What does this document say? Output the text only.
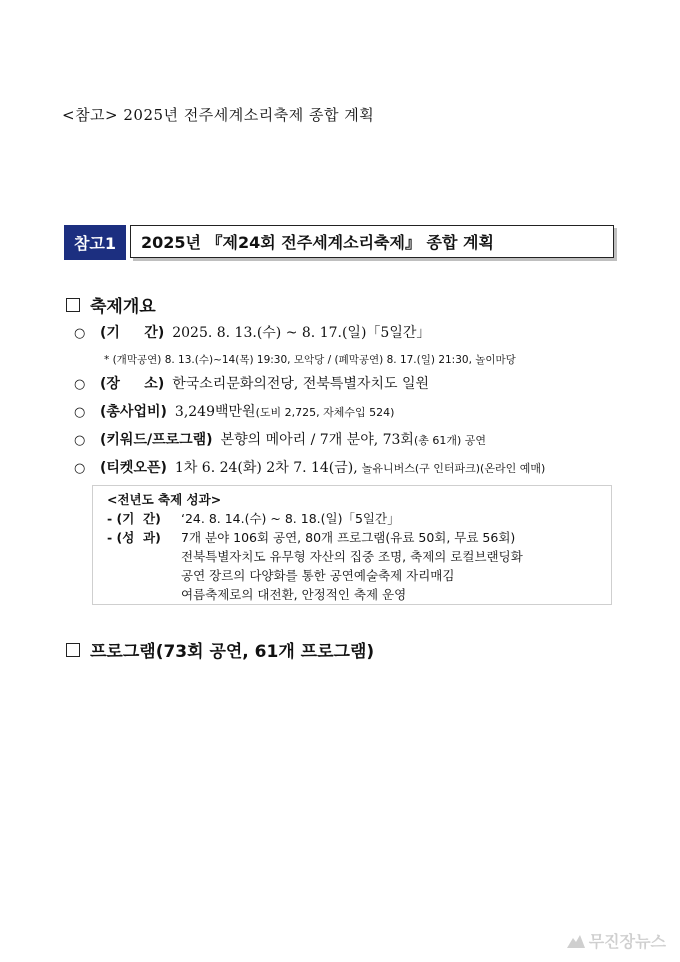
<참고> 2025년 전주세계소리축제 종합 계획
참고1	2025년 『제24회 전주세계소리축제』 종합 계획
축제개요
○	(기     간) 2025. 8. 13.(수) ~ 8. 17.(일)「5일간」
* (개막공연) 8. 13.(수)~14(목) 19:30, 모악당 / (폐막공연) 8. 17.(일) 21:30, 놀이마당
○	(장     소) 한국소리문화의전당, 전북특별자치도 일원
○	(총사업비) 3,249백만원 (도비 2,725, 자체수입 524)
○	(키워드/프로그램) 본향의 메아리 / 7개 분야, 73회 (총 61개) 공연
○	(티켓오픈) 1차 6. 24(화) 2차 7. 14(금), 놀유니버스(구 인터파크)(온라인 예매)
<전년도 축제 성과>
- (기  간) ‘24. 8. 14.(수) ~ 8. 18.(일)「5일간」
- (성  과) 7개 분야 106회 공연, 80개 프로그램(유료 50회, 무료 56회)
전북특별자치도 유무형 자산의 집중 조명, 축제의 로컬브랜딩화
공연 장르의 다양화를 통한 공연예술축제 자리매김
여름축제로의 대전환, 안정적인 축제 운영
프로그램(73회 공연, 61개 프로그램)
무진장뉴스
